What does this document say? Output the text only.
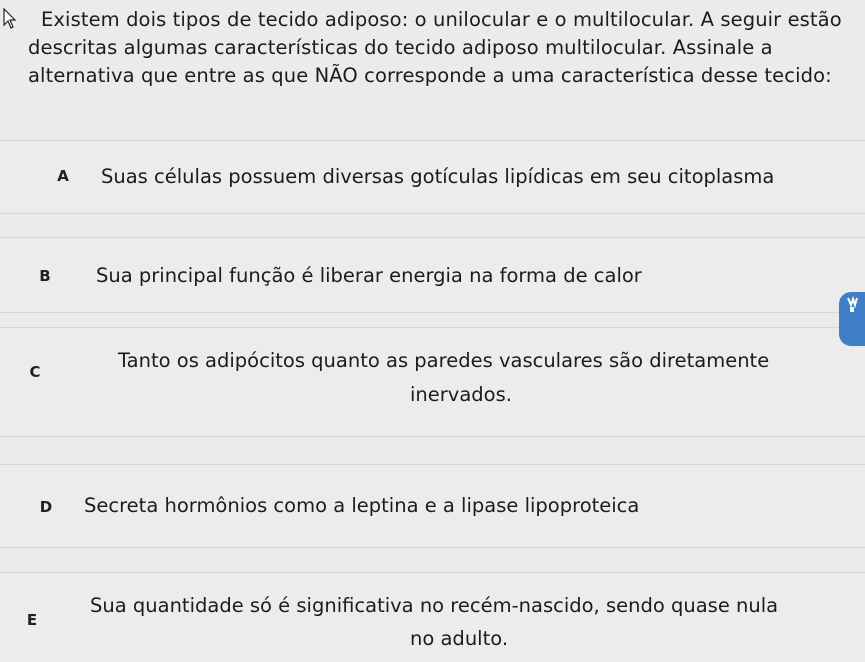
Existem dois tipos de tecido adiposo: o unilocular e o multilocular. A seguir estão
descritas algumas características do tecido adiposo multilocular. Assinale a
alternativa que entre as que NÃO corresponde a uma característica desse tecido:
A	Suas células possuem diversas gotículas lipídicas em seu citoplasma
B	Sua principal função é liberar energia na forma de calor
C	Tanto os adipócitos quanto as paredes vasculares são diretamente
inervados.
D	Secreta hormônios como a leptina e a lipase lipoproteica
E
Sua quantidade só é significativa no recém-nascido, sendo quase nula
no adulto.
